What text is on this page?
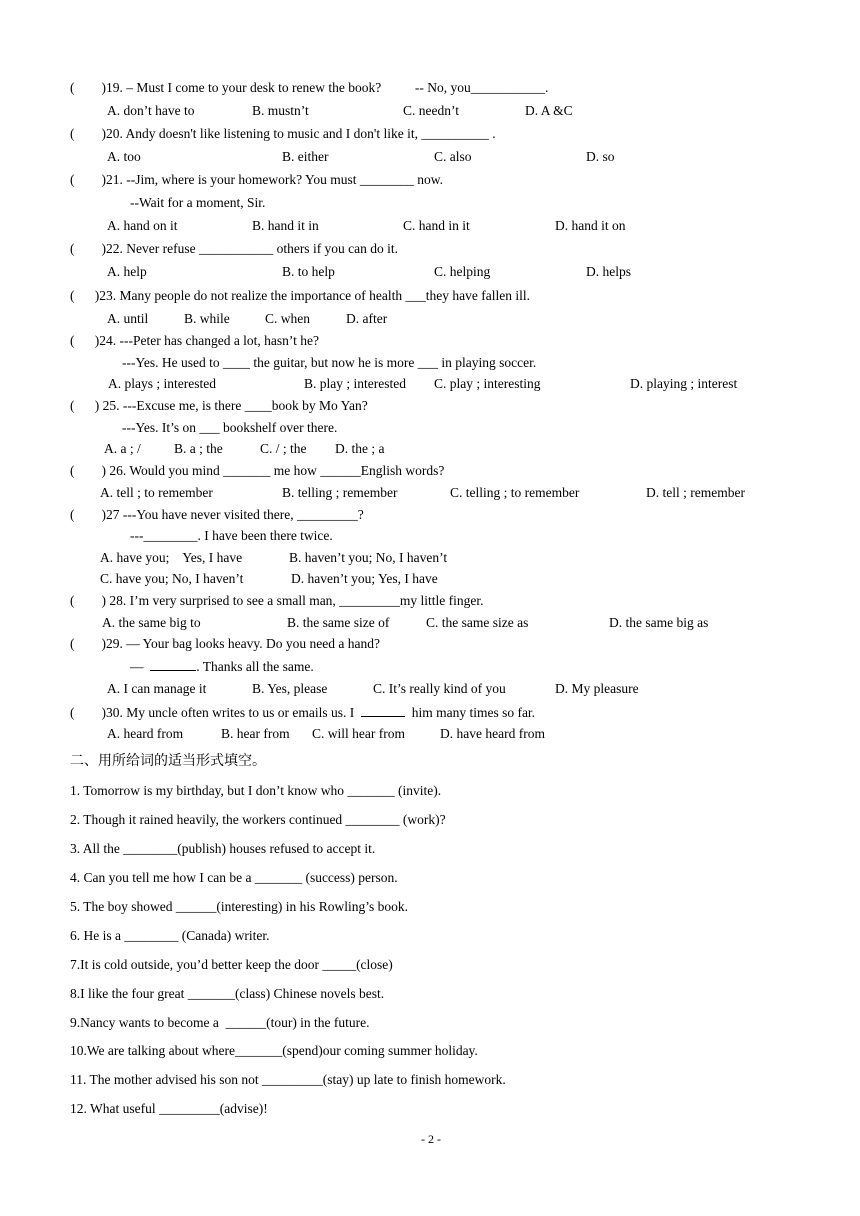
(        )19. – Must I come to your desk to renew the book?          -- No, you___________.
A. don’t have to	B. mustn’t	C. needn’t	D. A &C
(        )20. Andy doesn't like listening to music and I don't like it, __________ .
A. too	B. either	C. also	D. so
(        )21. --Jim, where is your homework? You must ________ now.
--Wait for a moment, Sir.
A. hand on it	B. hand it in	C. hand in it	D. hand it on
(        )22. Never refuse ___________ others if you can do it.
A. help	B. to help	C. helping	D. helps
(      )23. Many people do not realize the importance of health ___they have fallen ill.
A. until	B. while	C. when	D. after
(      )24. ---Peter has changed a lot, hasn’t he?
---Yes. He used to ____ the guitar, but now he is more ___ in playing soccer.
A. plays ; interested	B. play ; interested C. play ; interesting	D. playing ; interest
(      ) 25. ---Excuse me, is there ____book by Mo Yan?
---Yes. It’s on ___ bookshelf over there.
A. a ; / B. a ; the	C. / ; the D. the ; a
(        ) 26. Would you mind _______ me how ______English words?
A. tell ; to remember	B. telling ; remember	C. telling ; to remember	D. tell ; remember
(        )27 ---You have never visited there, _________?
---________. I have been there twice.
A. have you;    Yes, I have	B. haven’t you; No, I haven’t
C. have you; No, I haven’t	D. haven’t you; Yes, I have
(        ) 28. I’m very surprised to see a small man, _________my little finger.
A. the same big to	B. the same size of	C. the same size as	D. the same big as
(        )29. — Your bag looks heavy. Do you need a hand?
—	. Thanks all the same.
A. I can manage it	B. Yes, please	C. It’s really kind of you	D. My pleasure
(        )30. My uncle often writes to us or emails us. I	him many times so far.
A. heard from	B. hear from C. will hear from	D. have heard from
二、用所给词的适当形式填空。
1. Tomorrow is my birthday, but I don’t know who _______ (invite).
2. Though it rained heavily, the workers continued ________ (work)?
3. All the ________(publish) houses refused to accept it.
4. Can you tell me how I can be a _______ (success) person.
5. The boy showed ______(interesting) in his Rowling’s book.
6. He is a ________ (Canada) writer.
7.It is cold outside, you’d better keep the door _____(close)
8.I like the four great _______(class) Chinese novels best.
9.Nancy wants to become a  ______(tour) in the future.
10.We are talking about where_______(spend)our coming summer holiday.
11. The mother advised his son not _________(stay) up late to finish homework.
12. What useful _________(advise)!
- 2 -
